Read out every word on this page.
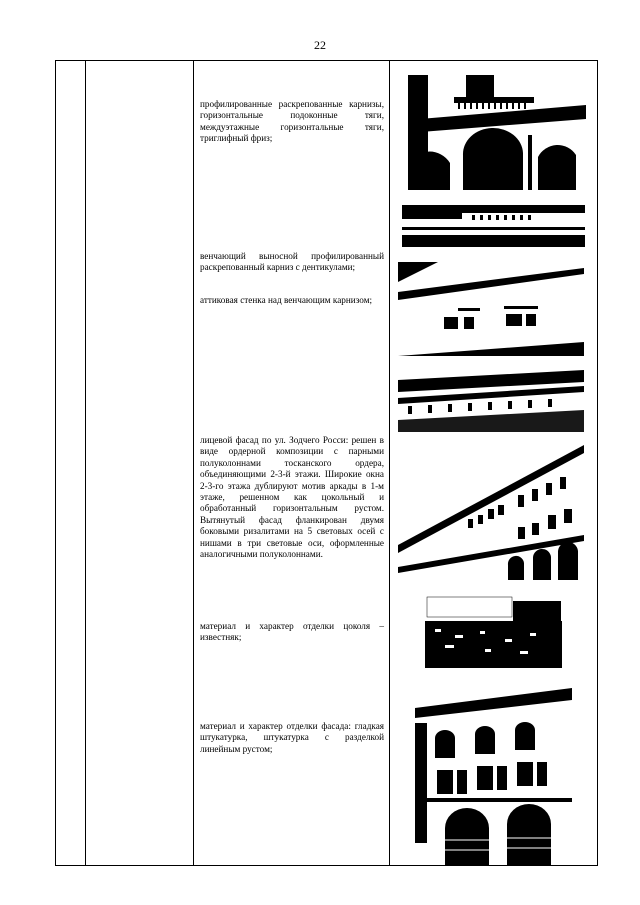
22
профилированные раскрепованные карнизы, горизонтальные подоконные тяги, междуэтажные горизонтальные тяги, триглифный фриз;
венчающий выносной профилированный раскрепованный карниз с дентикулами;
аттиковая стенка над венчающим карнизом;
лицевой фасад по ул. Зодчего Росси: решен в виде ордерной композиции с парными полуколоннами тосканского ордера, объединяющими 2-3-й этажи. Широкие окна 2-3-го этажа дублируют мотив аркады в 1-м этаже, решенном как цокольный и обработанный горизонтальным рустом. Вытянутый фасад фланкирован двумя боковыми ризалитами на 5 световых осей с нишами в три световые оси, оформленные аналогичными полуколоннами.
материал и характер отделки цоколя – известняк;
материал и характер отделки фасада: гладкая штукатурка, штукатурка с разделкой линейным рустом;
